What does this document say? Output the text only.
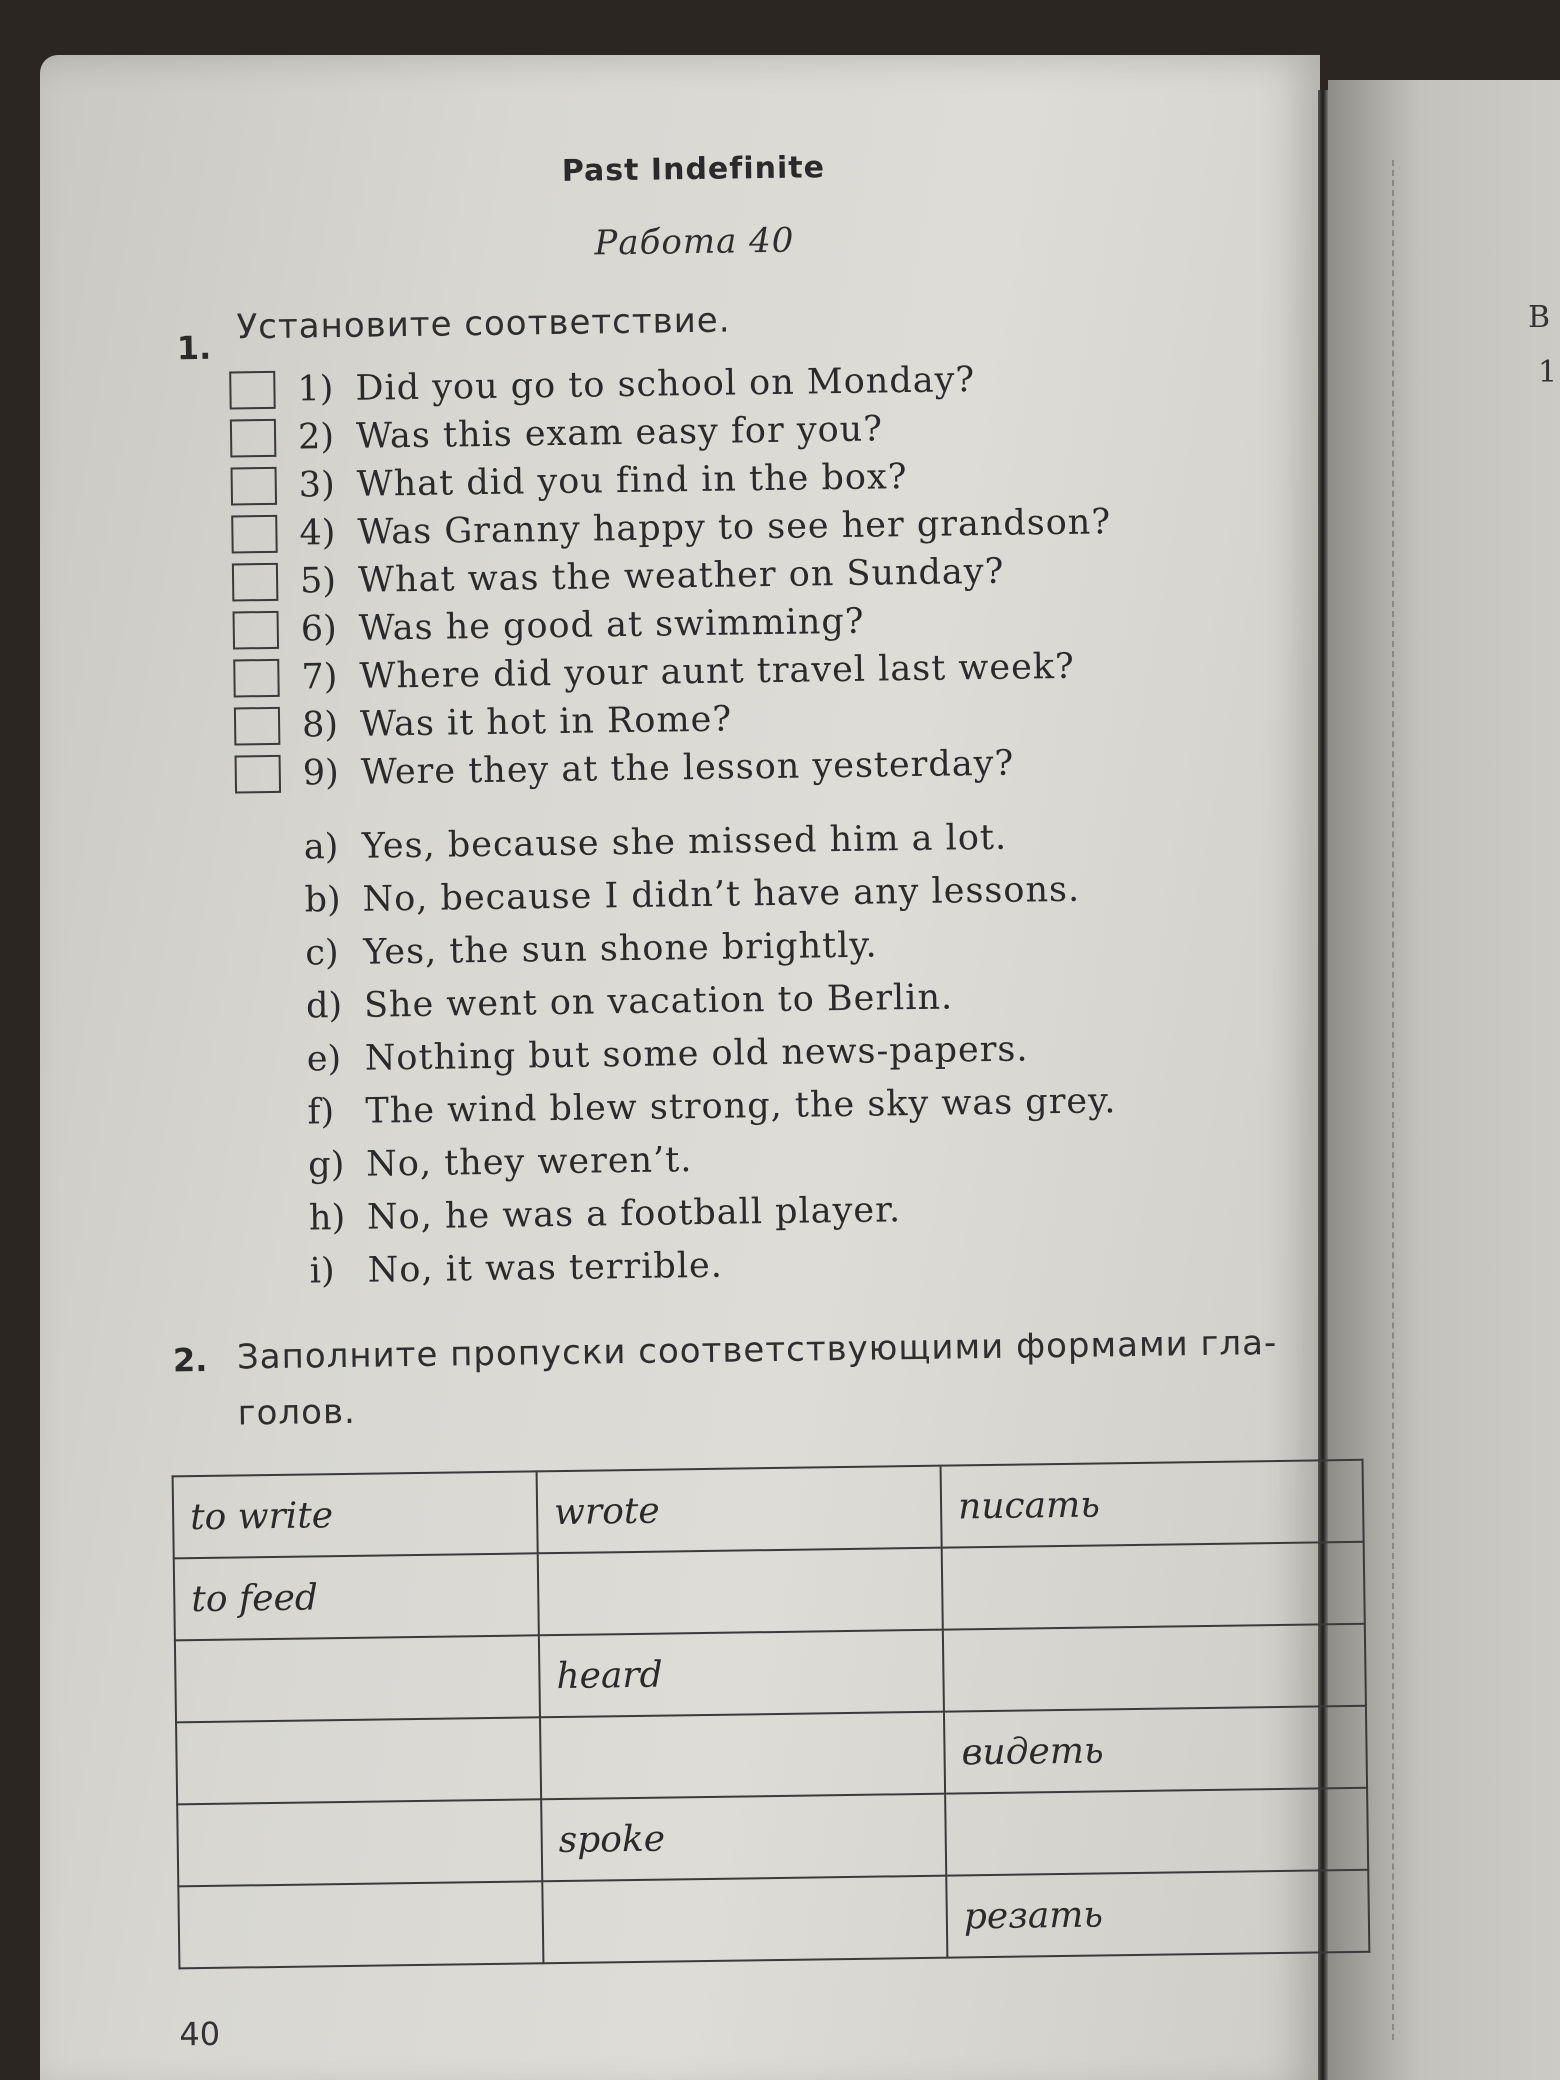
В
1
Past Indefinite
Работа 40
1.
Установите соответствие.
1) Did you go to school on Monday?
2) Was this exam easy for you?
3) What did you find in the box?
4) Was Granny happy to see her grandson?
5) What was the weather on Sunday?
6) Was he good at swimming?
7) Where did your aunt travel last week?
8) Was it hot in Rome?
9) Were they at the lesson yesterday?
a) Yes, because she missed him a lot.
b) No, because I didn’t have any lessons.
c) Yes, the sun shone brightly.
d) She went on vacation to Berlin.
e) Nothing but some old news-papers.
f) The wind blew strong, the sky was grey.
g) No, they weren’t.
h) No, he was a football player.
i) No, it was terrible.
2. Заполните пропуски соответствующими формами гла-
голов.
to write	wrote	писать
to feed		
	heard	
		видеть
	spoke	
		резать
40
